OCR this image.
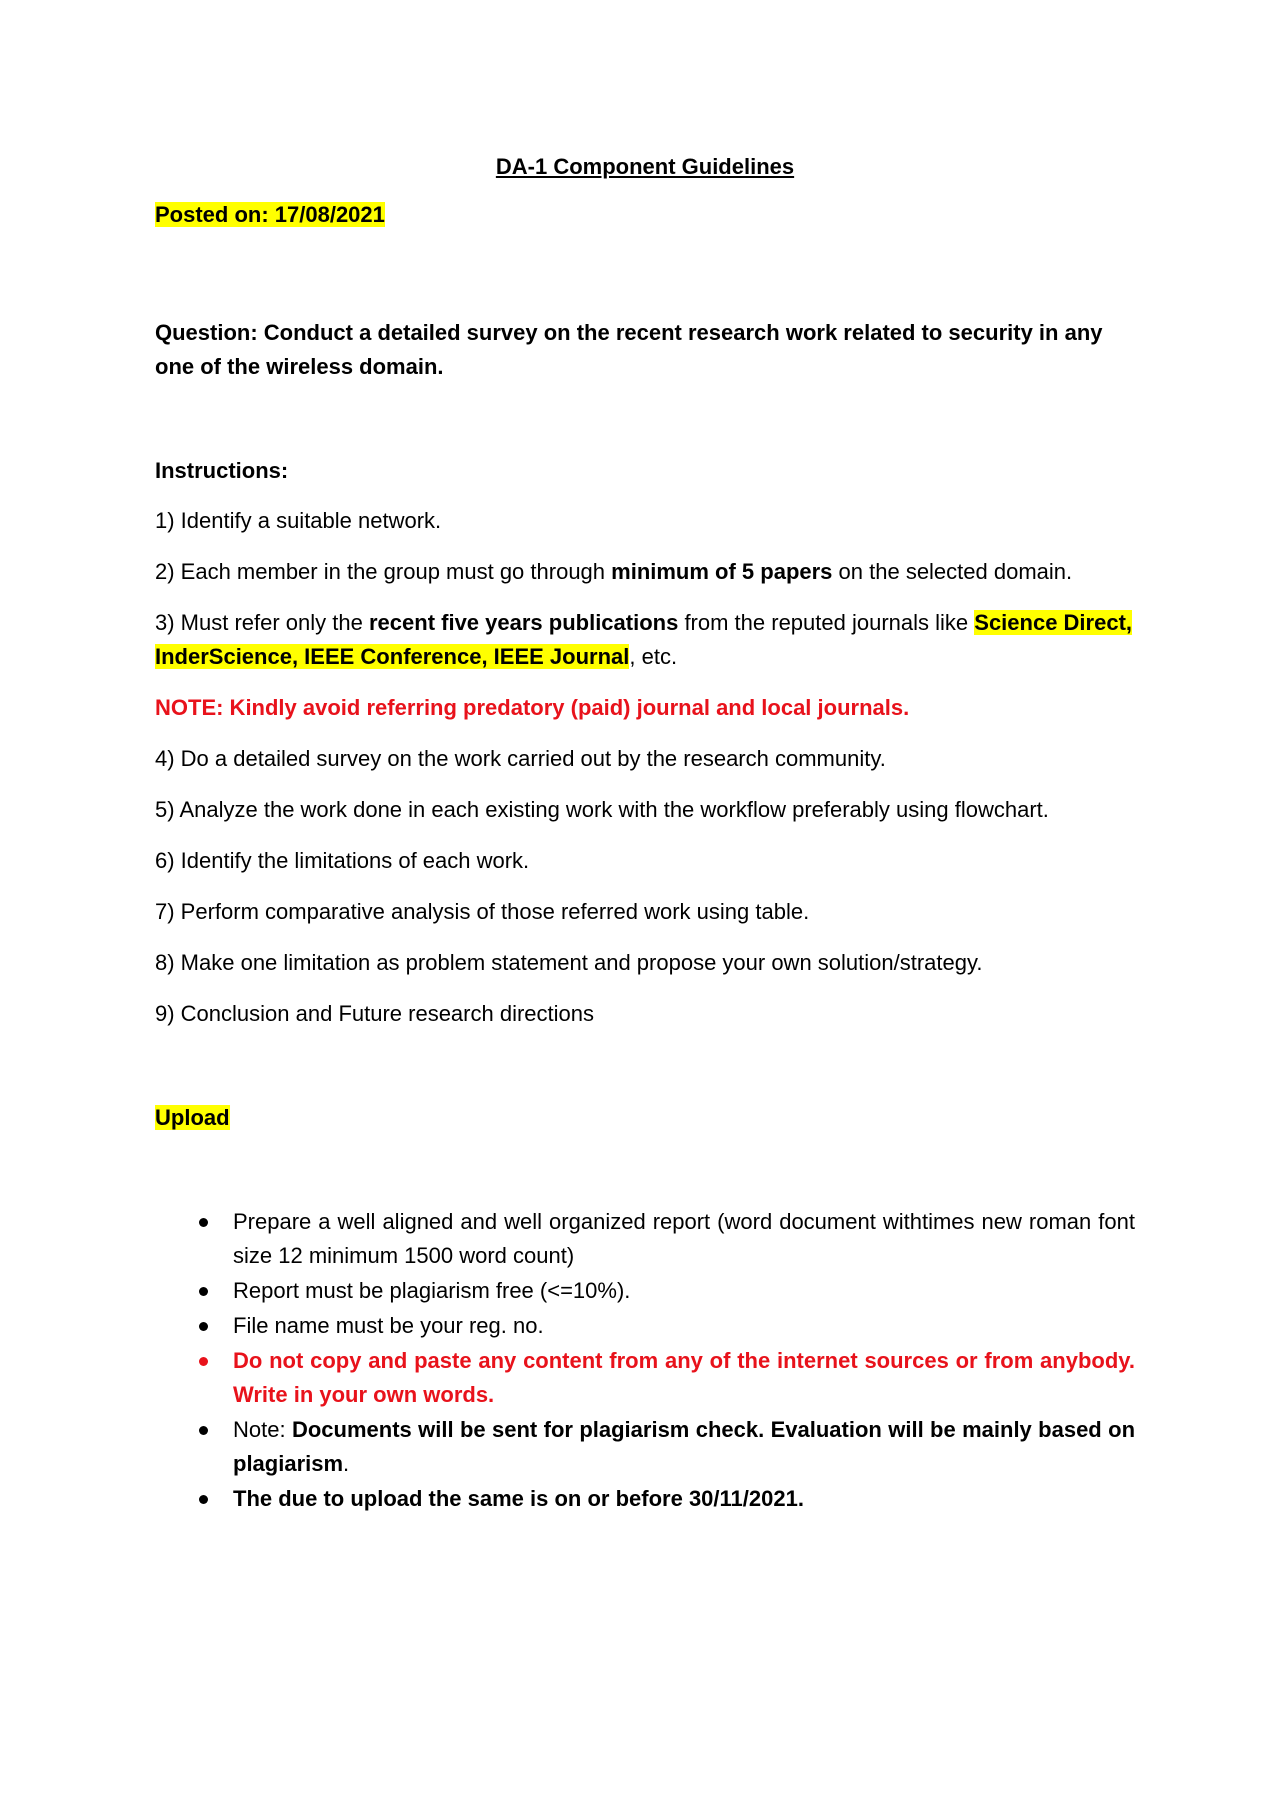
DA-1 Component Guidelines

Posted on: 17/08/2021

Question: Conduct a detailed survey on the recent research work related to security in any one of the wireless domain.

Instructions:

1) Identify a suitable network.

2) Each member in the group must go through minimum of 5 papers on the selected domain.

3) Must refer only the recent five years publications from the reputed journals like Science Direct, InderScience, IEEE Conference, IEEE Journal, etc.

NOTE: Kindly avoid referring predatory (paid) journal and local journals.

4) Do a detailed survey on the work carried out by the research community.

5) Analyze the work done in each existing work with the workflow preferably using flowchart.

6) Identify the limitations of each work.

7) Perform comparative analysis of those referred work using table.

8) Make one limitation as problem statement and propose your own solution/strategy.

9) Conclusion and Future research directions

Upload

Prepare a well aligned and well organized report (word document withtimes new roman font size 12 minimum 1500 word count)
Report must be plagiarism free (<=10%).
File name must be your reg. no.
Do not copy and paste any content from any of the internet sources or from anybody. Write in your own words.
Note: Documents will be sent for plagiarism check. Evaluation will be mainly based on plagiarism.
The due to upload the same is on or before 30/11/2021.
